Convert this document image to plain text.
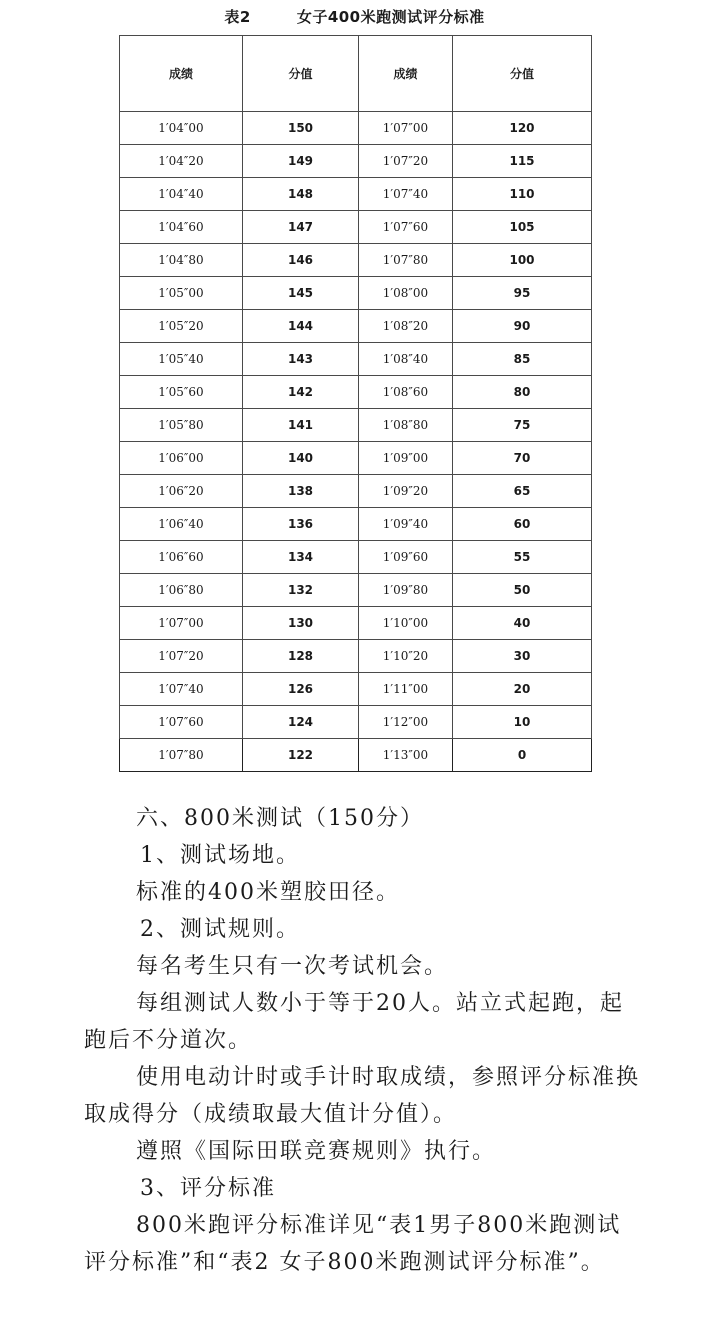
表2	女子400米跑测试评分标准
成绩	分值	成绩	分值
1′04″00	150	1′07″00	120
1′04″20	149	1′07″20	115
1′04″40	148	1′07″40	110
1′04″60	147	1′07″60	105
1′04″80	146	1′07″80	100
1′05″00	145	1′08″00	95
1′05″20	144	1′08″20	90
1′05″40	143	1′08″40	85
1′05″60	142	1′08″60	80
1′05″80	141	1′08″80	75
1′06″00	140	1′09″00	70
1′06″20	138	1′09″20	65
1′06″40	136	1′09″40	60
1′06″60	134	1′09″60	55
1′06″80	132	1′09″80	50
1′07″00	130	1′10″00	40
1′07″20	128	1′10″20	30
1′07″40	126	1′11″00	20
1′07″60	124	1′12″00	10
1′07″80	122	1′13″00	0

六、800米测试（150分）

1、测试场地。

标准的400米塑胶田径。

2、测试规则。

每名考生只有一次考试机会。

每组测试人数小于等于20人。站立式起跑，起跑后不分道次。

使用电动计时或手计时取成绩，参照评分标准换取成得分（成绩取最大值计分值）。

遵照《国际田联竞赛规则》执行。

3、评分标准

800米跑评分标准详见“表1男子800米跑测试评分标准”和“表2 女子800米跑测试评分标准”。
